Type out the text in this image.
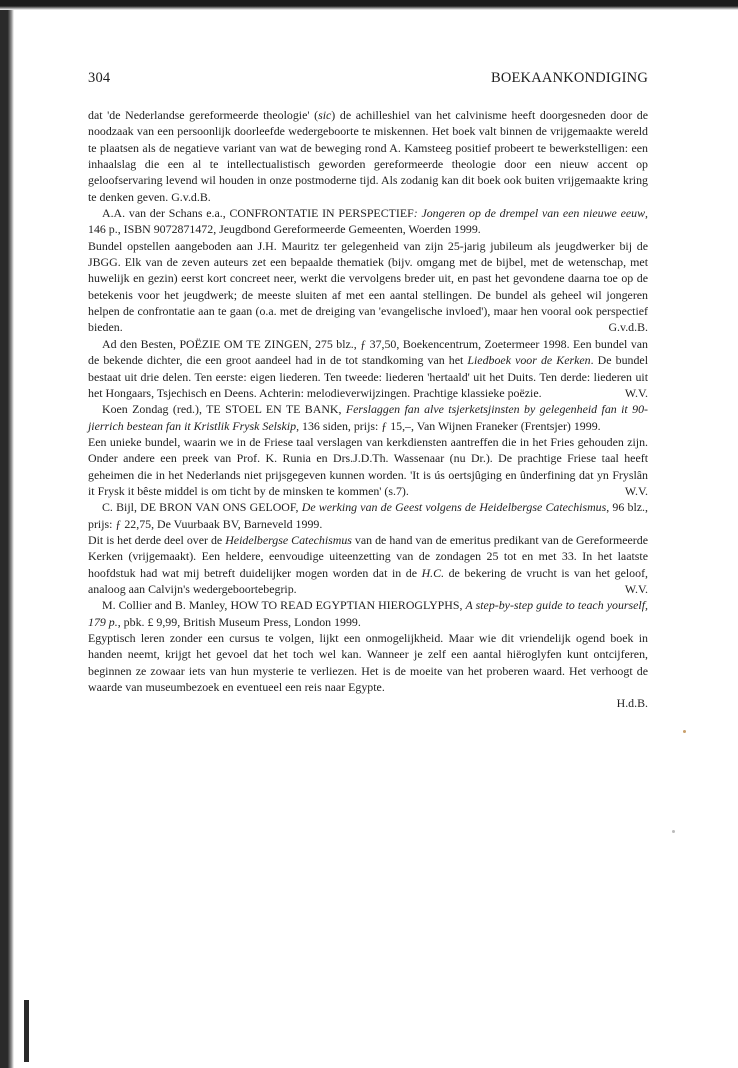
304	BOEKAANKONDIGING

dat 'de Nederlandse gereformeerde theologie' (sic) de achilleshiel van het calvinisme heeft doorgesneden door de noodzaak van een persoonlijk doorleefde wedergeboorte te miskennen. Het boek valt binnen de vrijgemaakte wereld te plaatsen als de negatieve variant van wat de beweging rond A. Kamsteeg positief probeert te bewerkstelligen: een inhaalslag die een al te intellectualistisch geworden gereformeerde theologie door een nieuw accent op geloofservaring levend wil houden in onze postmoderne tijd. Als zodanig kan dit boek ook buiten vrijgemaakte kring te denken geven. G.v.d.B.

A.A. van der Schans e.a., CONFRONTATIE IN PERSPECTIEF: Jongeren op de drempel van een nieuwe eeuw, 146 p., ISBN 9072871472, Jeugdbond Gereformeerde Gemeenten, Woerden 1999.

Bundel opstellen aangeboden aan J.H. Mauritz ter gelegenheid van zijn 25-jarig jubileum als jeugdwerker bij de JBGG. Elk van de zeven auteurs zet een bepaalde thematiek (bijv. omgang met de bijbel, met de wetenschap, met huwelijk en gezin) eerst kort concreet neer, werkt die vervolgens breder uit, en past het gevondene daarna toe op de betekenis voor het jeugdwerk; de meeste sluiten af met een aantal stellingen. De bundel als geheel wil jongeren helpen de confrontatie aan te gaan (o.a. met de dreiging van 'evangelische invloed'), maar hen vooral ook perspectief bieden.	G.v.d.B.

Ad den Besten, POËZIE OM TE ZINGEN, 275 blz., ƒ 37,50, Boekencentrum, Zoetermeer 1998. Een bundel van de bekende dichter, die een groot aandeel had in de tot standkoming van het Liedboek voor de Kerken. De bundel bestaat uit drie delen. Ten eerste: eigen liederen. Ten tweede: liederen 'hertaald' uit het Duits. Ten derde: liederen uit het Hongaars, Tsjechisch en Deens. Achterin: melodieverwijzingen. Prachtige klassieke poëzie.	W.V.

Koen Zondag (red.), TE STOEL EN TE BANK, Ferslaggen fan alve tsjerketsjinsten by gelegenheid fan it 90-jierrich bestean fan it Kristlik Frysk Selskip, 136 siden, prijs: ƒ 15,–, Van Wijnen Franeker (Frentsjer) 1999.

Een unieke bundel, waarin we in de Friese taal verslagen van kerkdiensten aantreffen die in het Fries gehouden zijn. Onder andere een preek van Prof. K. Runia en Drs.J.D.Th. Wassenaar (nu Dr.). De prachtige Friese taal heeft geheimen die in het Nederlands niet prijsgegeven kunnen worden. 'It is ús oertsjûging en ûnderfining dat yn Fryslân it Frysk it bêste middel is om ticht by de minsken te kommen' (s.7).	W.V.

C. Bijl, DE BRON VAN ONS GELOOF, De werking van de Geest volgens de Heidelbergse Catechismus, 96 blz., prijs: ƒ 22,75, De Vuurbaak BV, Barneveld 1999.

Dit is het derde deel over de Heidelbergse Catechismus van de hand van de emeritus predikant van de Gereformeerde Kerken (vrijgemaakt). Een heldere, eenvoudige uiteenzetting van de zondagen 25 tot en met 33. In het laatste hoofdstuk had wat mij betreft duidelijker mogen worden dat in de H.C. de bekering de vrucht is van het geloof, analoog aan Calvijn's wedergeboortebegrip.	W.V.

M. Collier and B. Manley, HOW TO READ EGYPTIAN HIEROGLYPHS, A step-by-step guide to teach yourself, 179 p., pbk. £ 9,99, British Museum Press, London 1999.

Egyptisch leren zonder een cursus te volgen, lijkt een onmogelijkheid. Maar wie dit vriendelijk ogend boek in handen neemt, krijgt het gevoel dat het toch wel kan. Wanneer je zelf een aantal hiëroglyfen kunt ontcijferen, beginnen ze zowaar iets van hun mysterie te verliezen. Het is de moeite van het proberen waard. Het verhoogt de waarde van museumbezoek en eventueel een reis naar Egypte.

H.d.B.
